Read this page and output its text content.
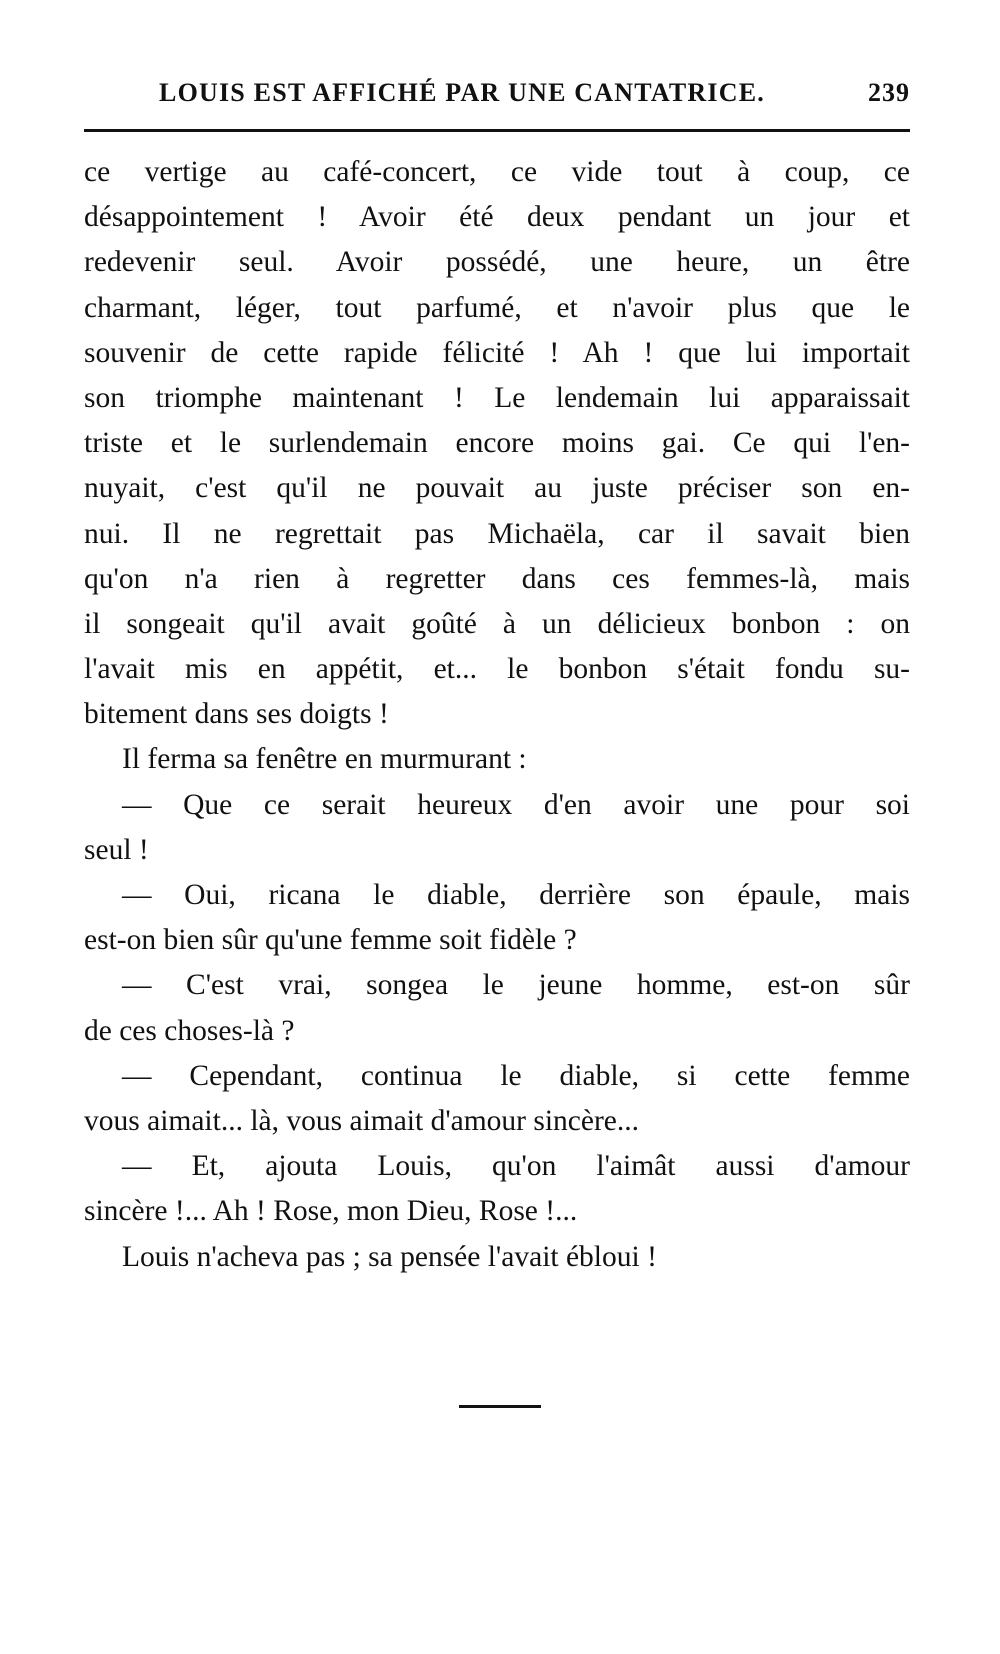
LOUIS EST AFFICHÉ PAR UNE CANTATRICE.	239
ce vertige au café-concert, ce vide tout à coup, ce
désappointement ! Avoir été deux pendant un jour et
redevenir seul. Avoir possédé, une heure, un être
charmant, léger, tout parfumé, et n'avoir plus que le
souvenir de cette rapide félicité ! Ah ! que lui importait
son triomphe maintenant ! Le lendemain lui apparaissait
triste et le surlendemain encore moins gai. Ce qui l'en-
nuyait, c'est qu'il ne pouvait au juste préciser son en-
nui. Il ne regrettait pas Michaëla, car il savait bien
qu'on n'a rien à regretter dans ces femmes-là, mais
il songeait qu'il avait goûté à un délicieux bonbon : on
l'avait mis en appétit, et... le bonbon s'était fondu su-
bitement dans ses doigts !
Il ferma sa fenêtre en murmurant :
— Que ce serait heureux d'en avoir une pour soi
seul !
— Oui, ricana le diable, derrière son épaule, mais
est-on bien sûr qu'une femme soit fidèle ?
— C'est vrai, songea le jeune homme, est-on sûr
de ces choses-là ?
— Cependant, continua le diable, si cette femme
vous aimait... là, vous aimait d'amour sincère...
— Et, ajouta Louis, qu'on l'aimât aussi d'amour
sincère !... Ah ! Rose, mon Dieu, Rose !...
Louis n'acheva pas ; sa pensée l'avait ébloui !
